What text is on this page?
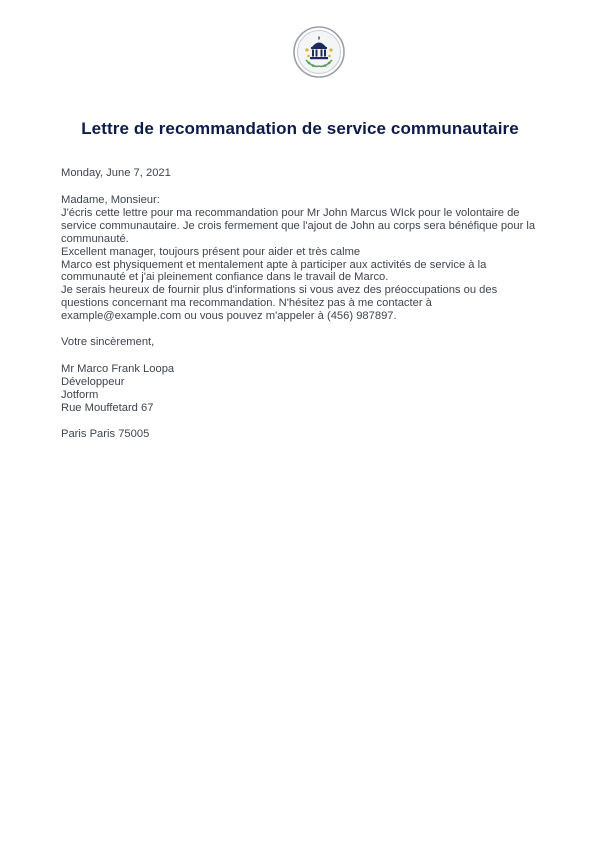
Lettre de recommandation de service communautaire
Monday, June 7, 2021
Madame, Monsieur:
J'écris cette lettre pour ma recommandation pour Mr John Marcus WIck pour le volontaire de
service communautaire. Je crois fermement que l'ajout de John au corps sera bénéfique pour la
communauté.
Excellent manager, toujours présent pour aider et très calme
Marco est physiquement et mentalement apte à participer aux activités de service à la
communauté et j'ai pleinement confiance dans le travail de Marco.
Je serais heureux de fournir plus d'informations si vous avez des préoccupations ou des
questions concernant ma recommandation. N'hésitez pas à me contacter à
example@example.com ou vous pouvez m'appeler à (456) 987897.
Votre sincèrement,
Mr Marco Frank Loopa
Développeur
Jotform
Rue Mouffetard 67
Paris Paris 75005
